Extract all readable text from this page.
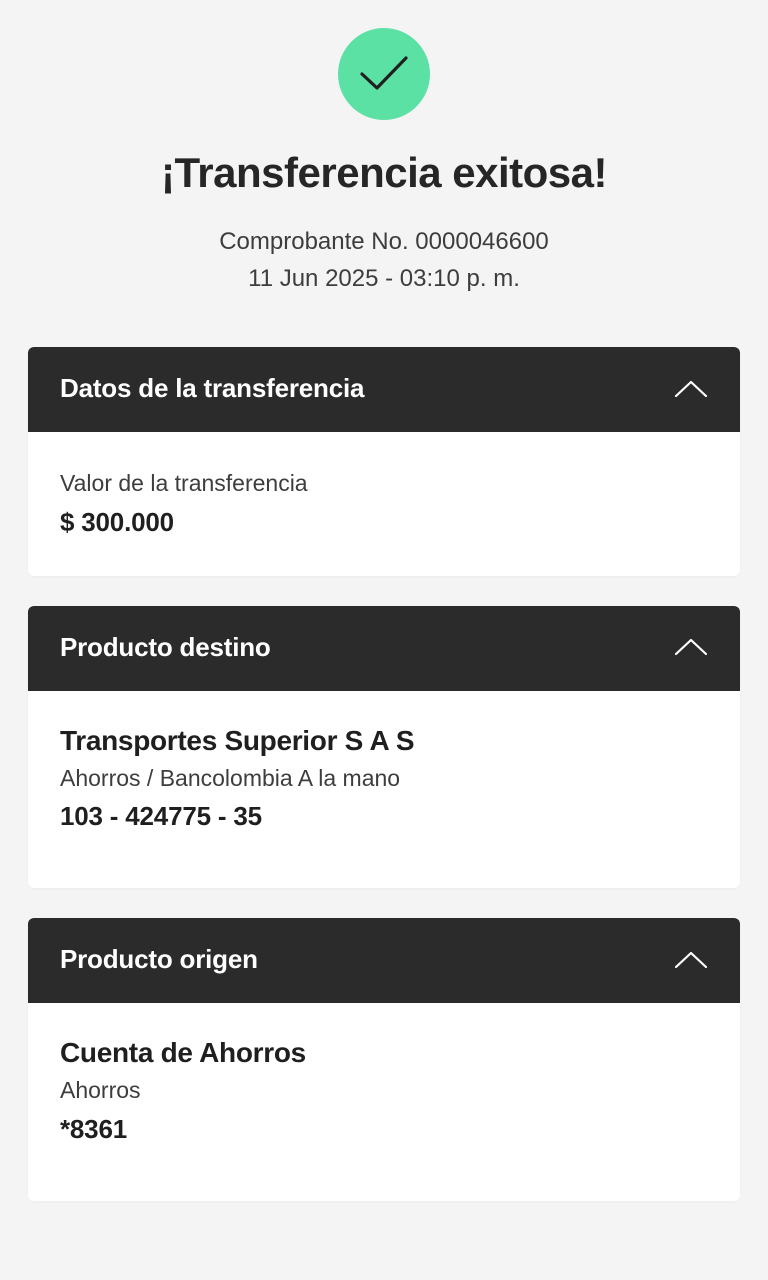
¡Transferencia exitosa!
Comprobante No. 0000046600
11 Jun 2025 - 03:10 p. m.
Datos de la transferencia
Valor de la transferencia
$ 300.000
Producto destino
Transportes Superior S A S
Ahorros / Bancolombia A la mano
103 - 424775 - 35
Producto origen
Cuenta de Ahorros
Ahorros
*8361
